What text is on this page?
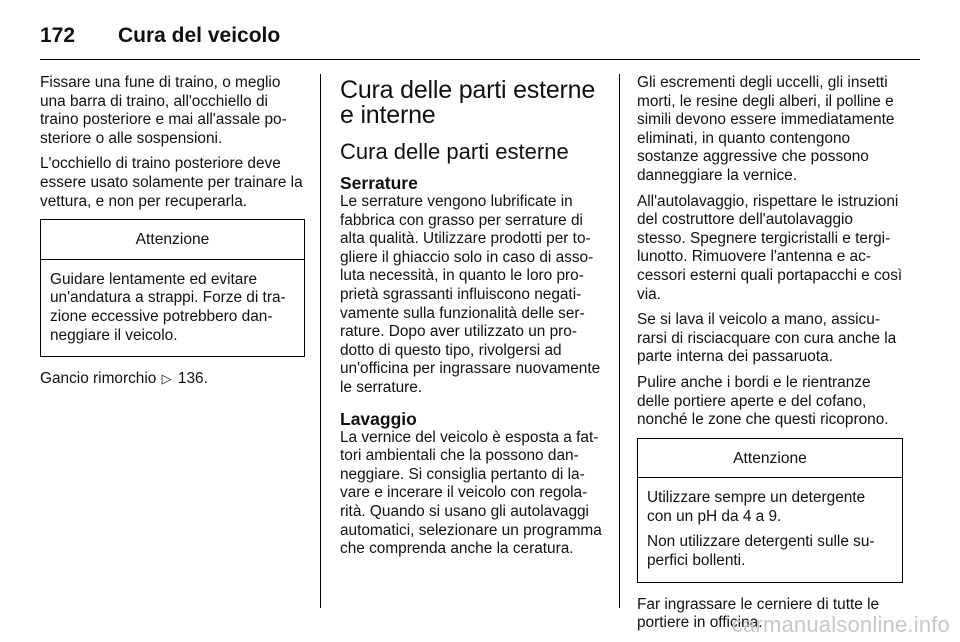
172	Cura del veicolo

Fissare una fune di traino, o meglio una barra di traino, all'occhiello di traino posteriore e mai all'assale posteriore o alle sospensioni.

L'occhiello di traino posteriore deve essere usato solamente per trainare la vettura, e non per recuperarla.

Attenzione

Guidare lentamente ed evitare un'andatura a strappi. Forze di trazione eccessive potrebbero danneggiare il veicolo.

Gancio rimorchio ▷ 136.

Cura delle parti esterne e interne
Cura delle parti esterne
Serrature

Le serrature vengono lubrificate in fabbrica con grasso per serrature di alta qualità. Utilizzare prodotti per togliere il ghiaccio solo in caso di assoluta necessità, in quanto le loro proprietà sgrassanti influiscono negativamente sulla funzionalità delle serrature. Dopo aver utilizzato un prodotto di questo tipo, rivolgersi ad un'officina per ingrassare nuovamente le serrature.

Lavaggio

La vernice del veicolo è esposta a fattori ambientali che la possono danneggiare. Si consiglia pertanto di lavare e incerare il veicolo con regolarità. Quando si usano gli autolavaggi automatici, selezionare un programma che comprenda anche la ceratura.

Gli escrementi degli uccelli, gli insetti morti, le resine degli alberi, il polline e simili devono essere immediatamente eliminati, in quanto contengono sostanze aggressive che possono danneggiare la vernice.

All'autolavaggio, rispettare le istruzioni del costruttore dell'autolavaggio stesso. Spegnere tergicristalli e tergilunotto. Rimuovere l'antenna e accessori esterni quali portapacchi e così via.

Se si lava il veicolo a mano, assicurarsi di risciacquare con cura anche la parte interna dei passaruota.

Pulire anche i bordi e le rientranze delle portiere aperte e del cofano, nonché le zone che questi ricoprono.

Attenzione

Utilizzare sempre un detergente con un pH da 4 a 9.

Non utilizzare detergenti sulle superfici bollenti.

Far ingrassare le cerniere di tutte le portiere in officina.

carmanualsonline.info
